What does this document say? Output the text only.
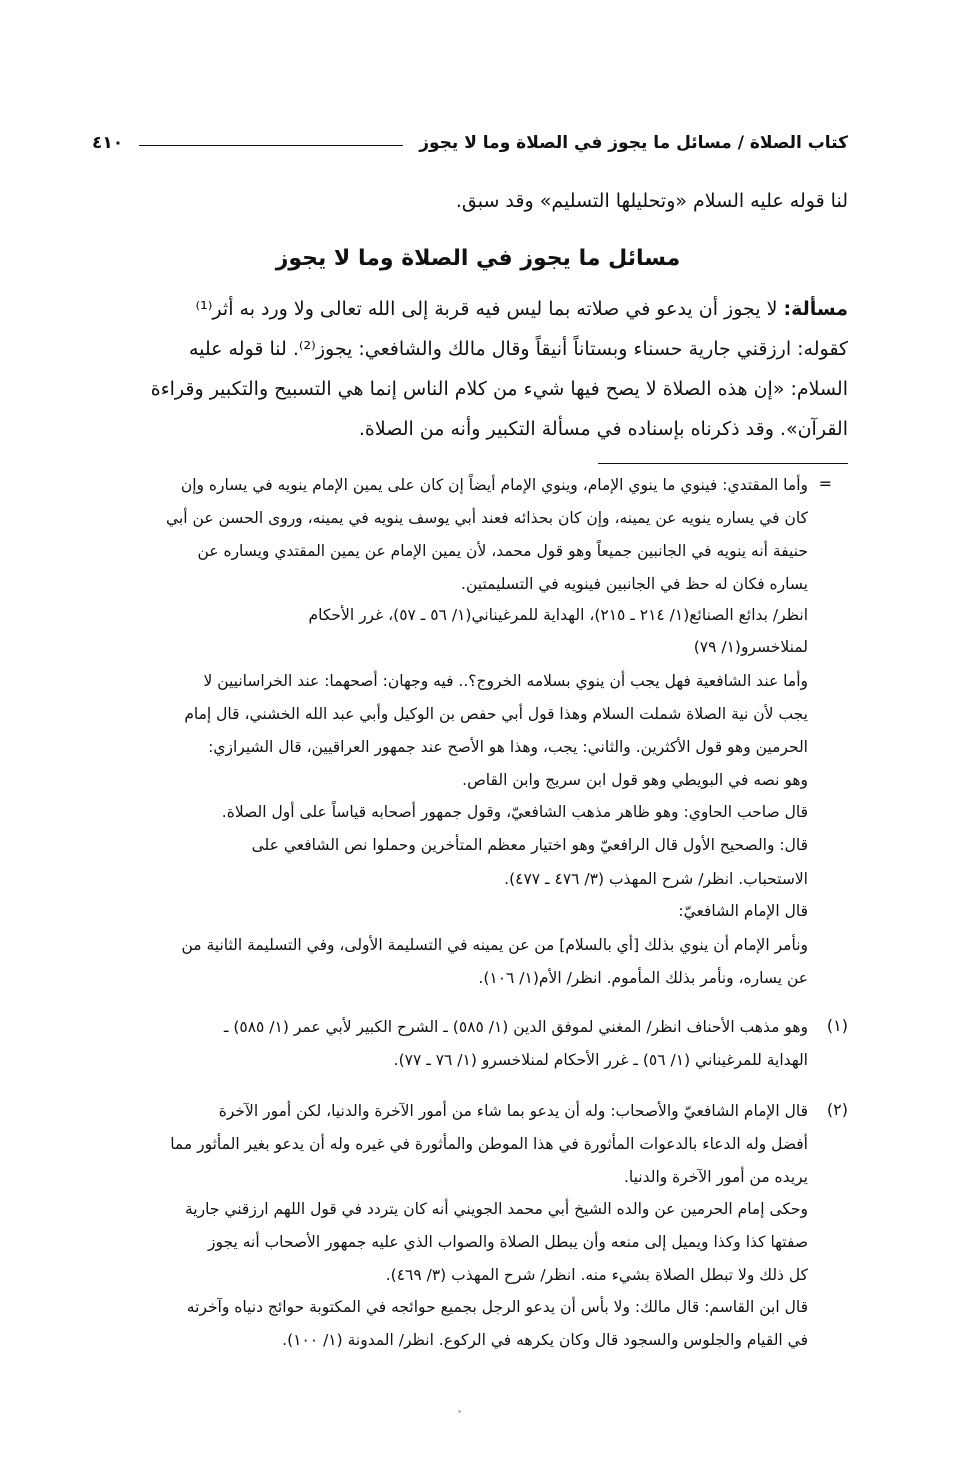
كتاب الصلاة / مسائل ما يجوز في الصلاة وما لا يجوز
٤١٠
لنا قوله عليه السلام «وتحليلها التسليم» وقد سبق.
مسائل ما يجوز في الصلاة وما لا يجوز
مسألة: لا يجوز أن يدعو في صلاته بما ليس فيه قربة إلى الله تعالى ولا ورد به أثر⁽¹⁾
كقوله: ارزقني جارية حسناء وبستاناً أنيقاً وقال مالك والشافعي: يجوز⁽²⁾. لنا قوله عليه
السلام: «إن هذه الصلاة لا يصح فيها شيء من كلام الناس إنما هي التسبيح والتكبير وقراءة
القرآن». وقد ذكرناه بإسناده في مسألة التكبير وأنه من الصلاة.
=
وأما المقتدي: فينوي ما ينوي الإمام، وينوي الإمام أيضاً إن كان على يمين الإمام ينويه في يساره وإن
كان في يساره ينويه عن يمينه، وإن كان بحذائه فعند أبي يوسف ينويه في يمينه، وروى الحسن عن أبي
حنيفة أنه ينويه في الجانبين جميعاً وهو قول محمد، لأن يمين الإمام عن يمين المقتدي ويساره عن
يساره فكان له حظ في الجانبين فينويه في التسليمتين.
انظر/ بدائع الصنائع(١/ ٢١٤ ـ ٢١٥)، الهداية للمرغيناني(١/ ٥٦ ـ ٥٧)، غرر الأحكام
لمنلاخسرو(١/ ٧٩)
وأما عند الشافعية فهل يجب أن ينوي بسلامه الخروج؟.. فيه وجهان: أصحهما: عند الخراسانيين لا
يجب لأن نية الصلاة شملت السلام وهذا قول أبي حفص بن الوكيل وأبي عبد الله الخشني، قال إمام
الحرمين وهو قول الأكثرين. والثاني: يجب، وهذا هو الأصح عند جمهور العراقيين، قال الشيرازي:
وهو نصه في البويطي وهو قول ابن سريج وابن القاص.
قال صاحب الحاوي: وهو ظاهر مذهب الشافعيّ، وقول جمهور أصحابه قياساً على أول الصلاة.
قال: والصحيح الأول قال الرافعيّ وهو اختيار معظم المتأخرين وحملوا نص الشافعي على
الاستحباب. انظر/ شرح المهذب (٣/ ٤٧٦ ـ ٤٧٧).
قال الإمام الشافعيّ:
ونأمر الإمام أن ينوي بذلك [أي بالسلام] من عن يمينه في التسليمة الأولى، وفي التسليمة الثانية من
عن يساره، ونأمر بذلك المأموم. انظر/ الأم(١/ ١٠٦).
(١)
وهو مذهب الأحناف انظر/ المغني لموفق الدين (١/ ٥٨٥) ـ الشرح الكبير لأبي عمر (١/ ٥٨٥) ـ
الهداية للمرغيناني (١/ ٥٦) ـ غرر الأحكام لمنلاخسرو (١/ ٧٦ ـ ٧٧).
(٢)
قال الإمام الشافعيّ والأصحاب: وله أن يدعو بما شاء من أمور الآخرة والدنيا، لكن أمور الآخرة
أفضل وله الدعاء بالدعوات المأثورة في هذا الموطن والمأثورة في غيره وله أن يدعو بغير المأثور مما
يريده من أمور الآخرة والدنيا.
وحكى إمام الحرمين عن والده الشيخ أبي محمد الجويني أنه كان يتردد في قول اللهم ارزقني جارية
صفتها كذا وكذا ويميل إلى منعه وأن يبطل الصلاة والصواب الذي عليه جمهور الأصحاب أنه يجوز
كل ذلك ولا تبطل الصلاة بشيء منه. انظر/ شرح المهذب (٣/ ٤٦٩).
قال ابن القاسم: قال مالك: ولا بأس أن يدعو الرجل بجميع حوائجه في المكتوبة حوائج دنياه وآخرته
في القيام والجلوس والسجود قال وكان يكرهه في الركوع. انظر/ المدونة (١/ ١٠٠).
